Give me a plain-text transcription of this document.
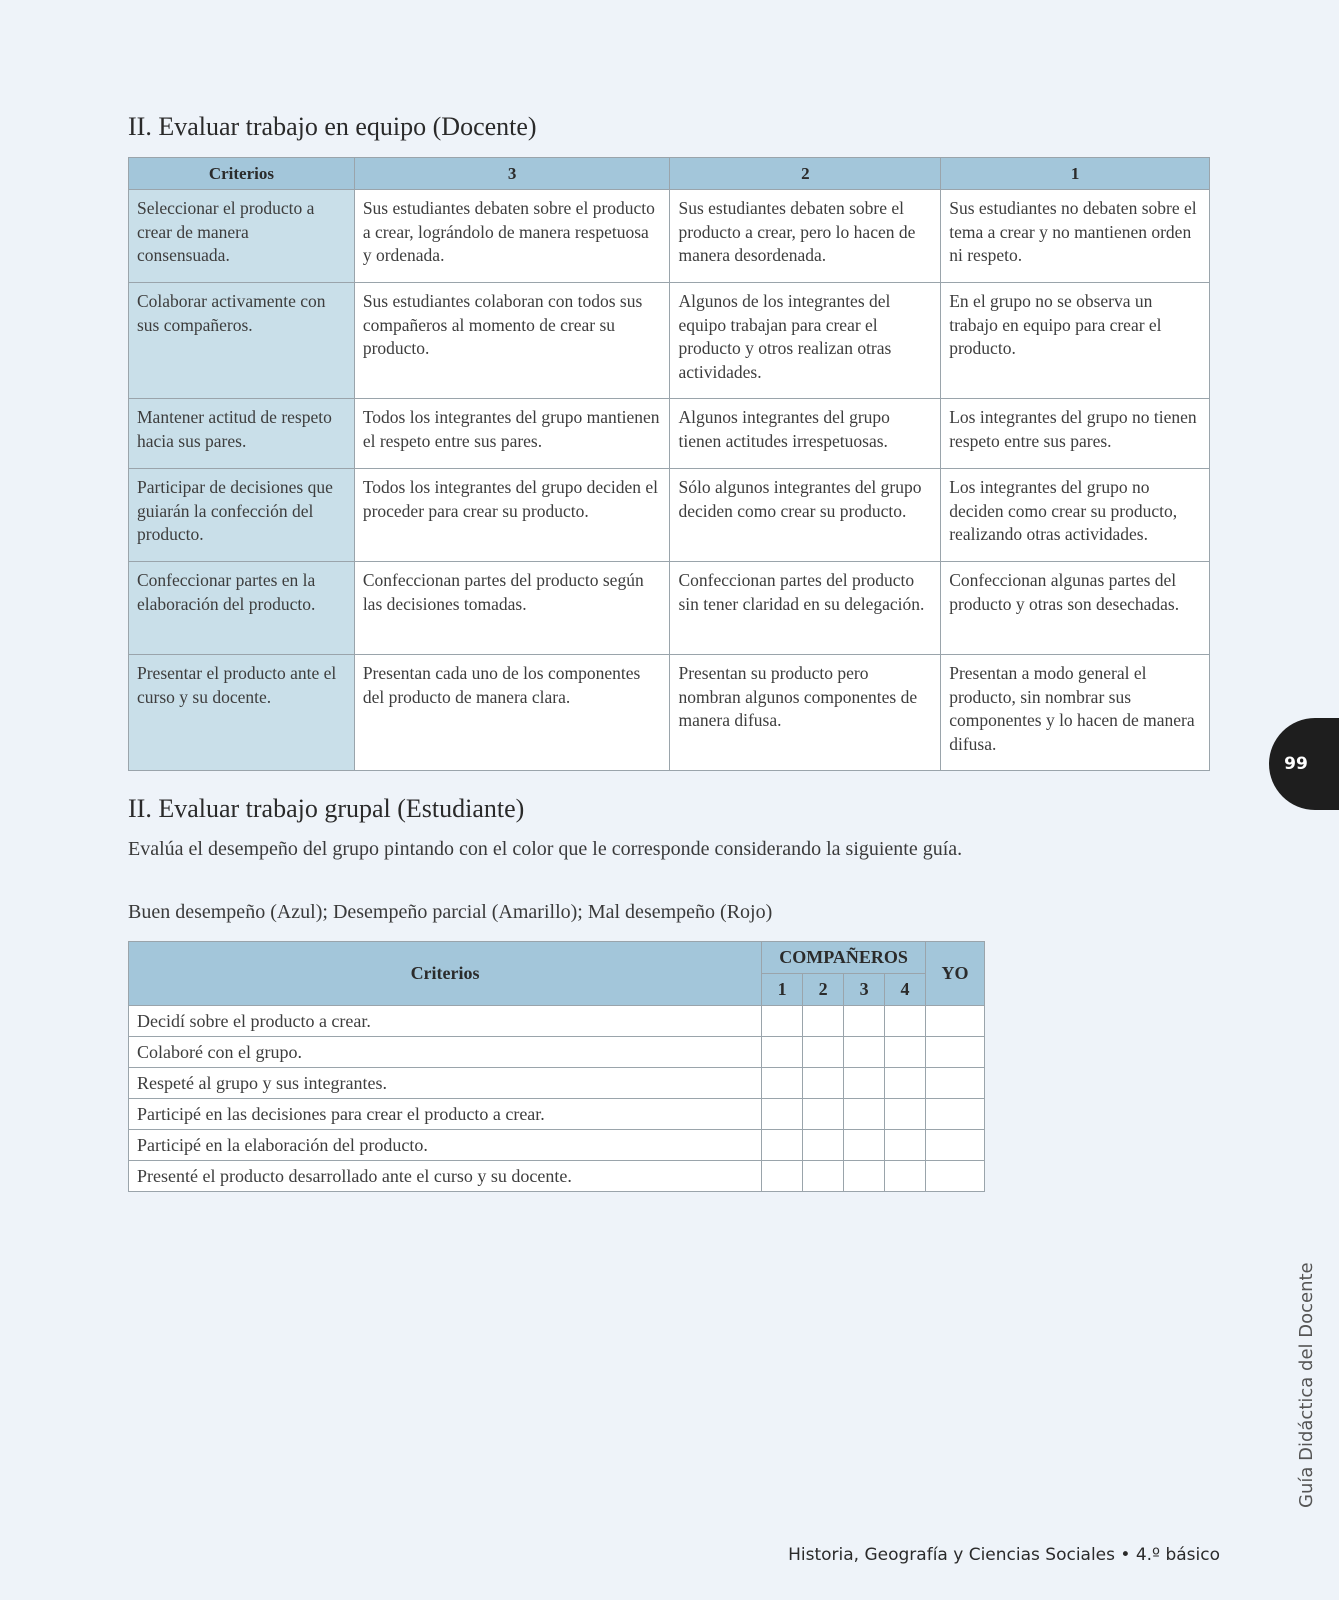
II. Evaluar trabajo en equipo (Docente)
Criterios	3	2	1
Seleccionar el producto a crear de manera consensuada.	Sus estudiantes debaten sobre el producto a crear, lográndolo de manera respetuosa y ordenada.	Sus estudiantes debaten sobre el producto a crear, pero lo hacen de manera desordenada.	Sus estudiantes no debaten sobre el tema a crear y no mantienen orden ni respeto.
Colaborar activamente con sus compañeros.	Sus estudiantes colaboran con todos sus compañeros al momento de crear su producto.	Algunos de los integrantes del equipo trabajan para crear el producto y otros realizan otras actividades.	En el grupo no se observa un trabajo en equipo para crear el producto.
Mantener actitud de respeto hacia sus pares.	Todos los integrantes del grupo mantienen el respeto entre sus pares.	Algunos integrantes del grupo tienen actitudes irrespetuosas.	Los integrantes del grupo no tienen respeto entre sus pares.
Participar de decisiones que guiarán la confección del producto.	Todos los integrantes del grupo deciden el proceder para crear su producto.	Sólo algunos integrantes del grupo deciden como crear su producto.	Los integrantes del grupo no deciden como crear su producto, realizando otras actividades.
Confeccionar partes en la elaboración del producto.	Confeccionan partes del producto según las decisiones tomadas.	Confeccionan partes del producto sin tener claridad en su delegación.	Confeccionan algunas partes del producto y otras son desechadas.
Presentar el producto ante el curso y su docente.	Presentan cada uno de los componentes del producto de manera clara.	Presentan su producto pero nombran algunos componentes de manera difusa.	Presentan a modo general el producto, sin nombrar sus componentes y lo hacen de manera difusa.
II. Evaluar trabajo grupal (Estudiante)

Evalúa el desempeño del grupo pintando con el color que le corresponde considerando la siguiente guía.

Buen desempeño (Azul); Desempeño parcial (Amarillo); Mal desempeño (Rojo)

Criterios	COMPAÑEROS				YO
	1	2	3	4	
Decidí sobre el producto a crear.					
Colaboré con el grupo.					
Respeté al grupo y sus integrantes.					
Participé en las decisiones para crear el producto a crear.					
Participé en la elaboración del producto.					
Presenté el producto desarrollado ante el curso y su docente.					
99
Guía Didáctica del Docente
Historia, Geografía y Ciencias Sociales • 4.º básico
